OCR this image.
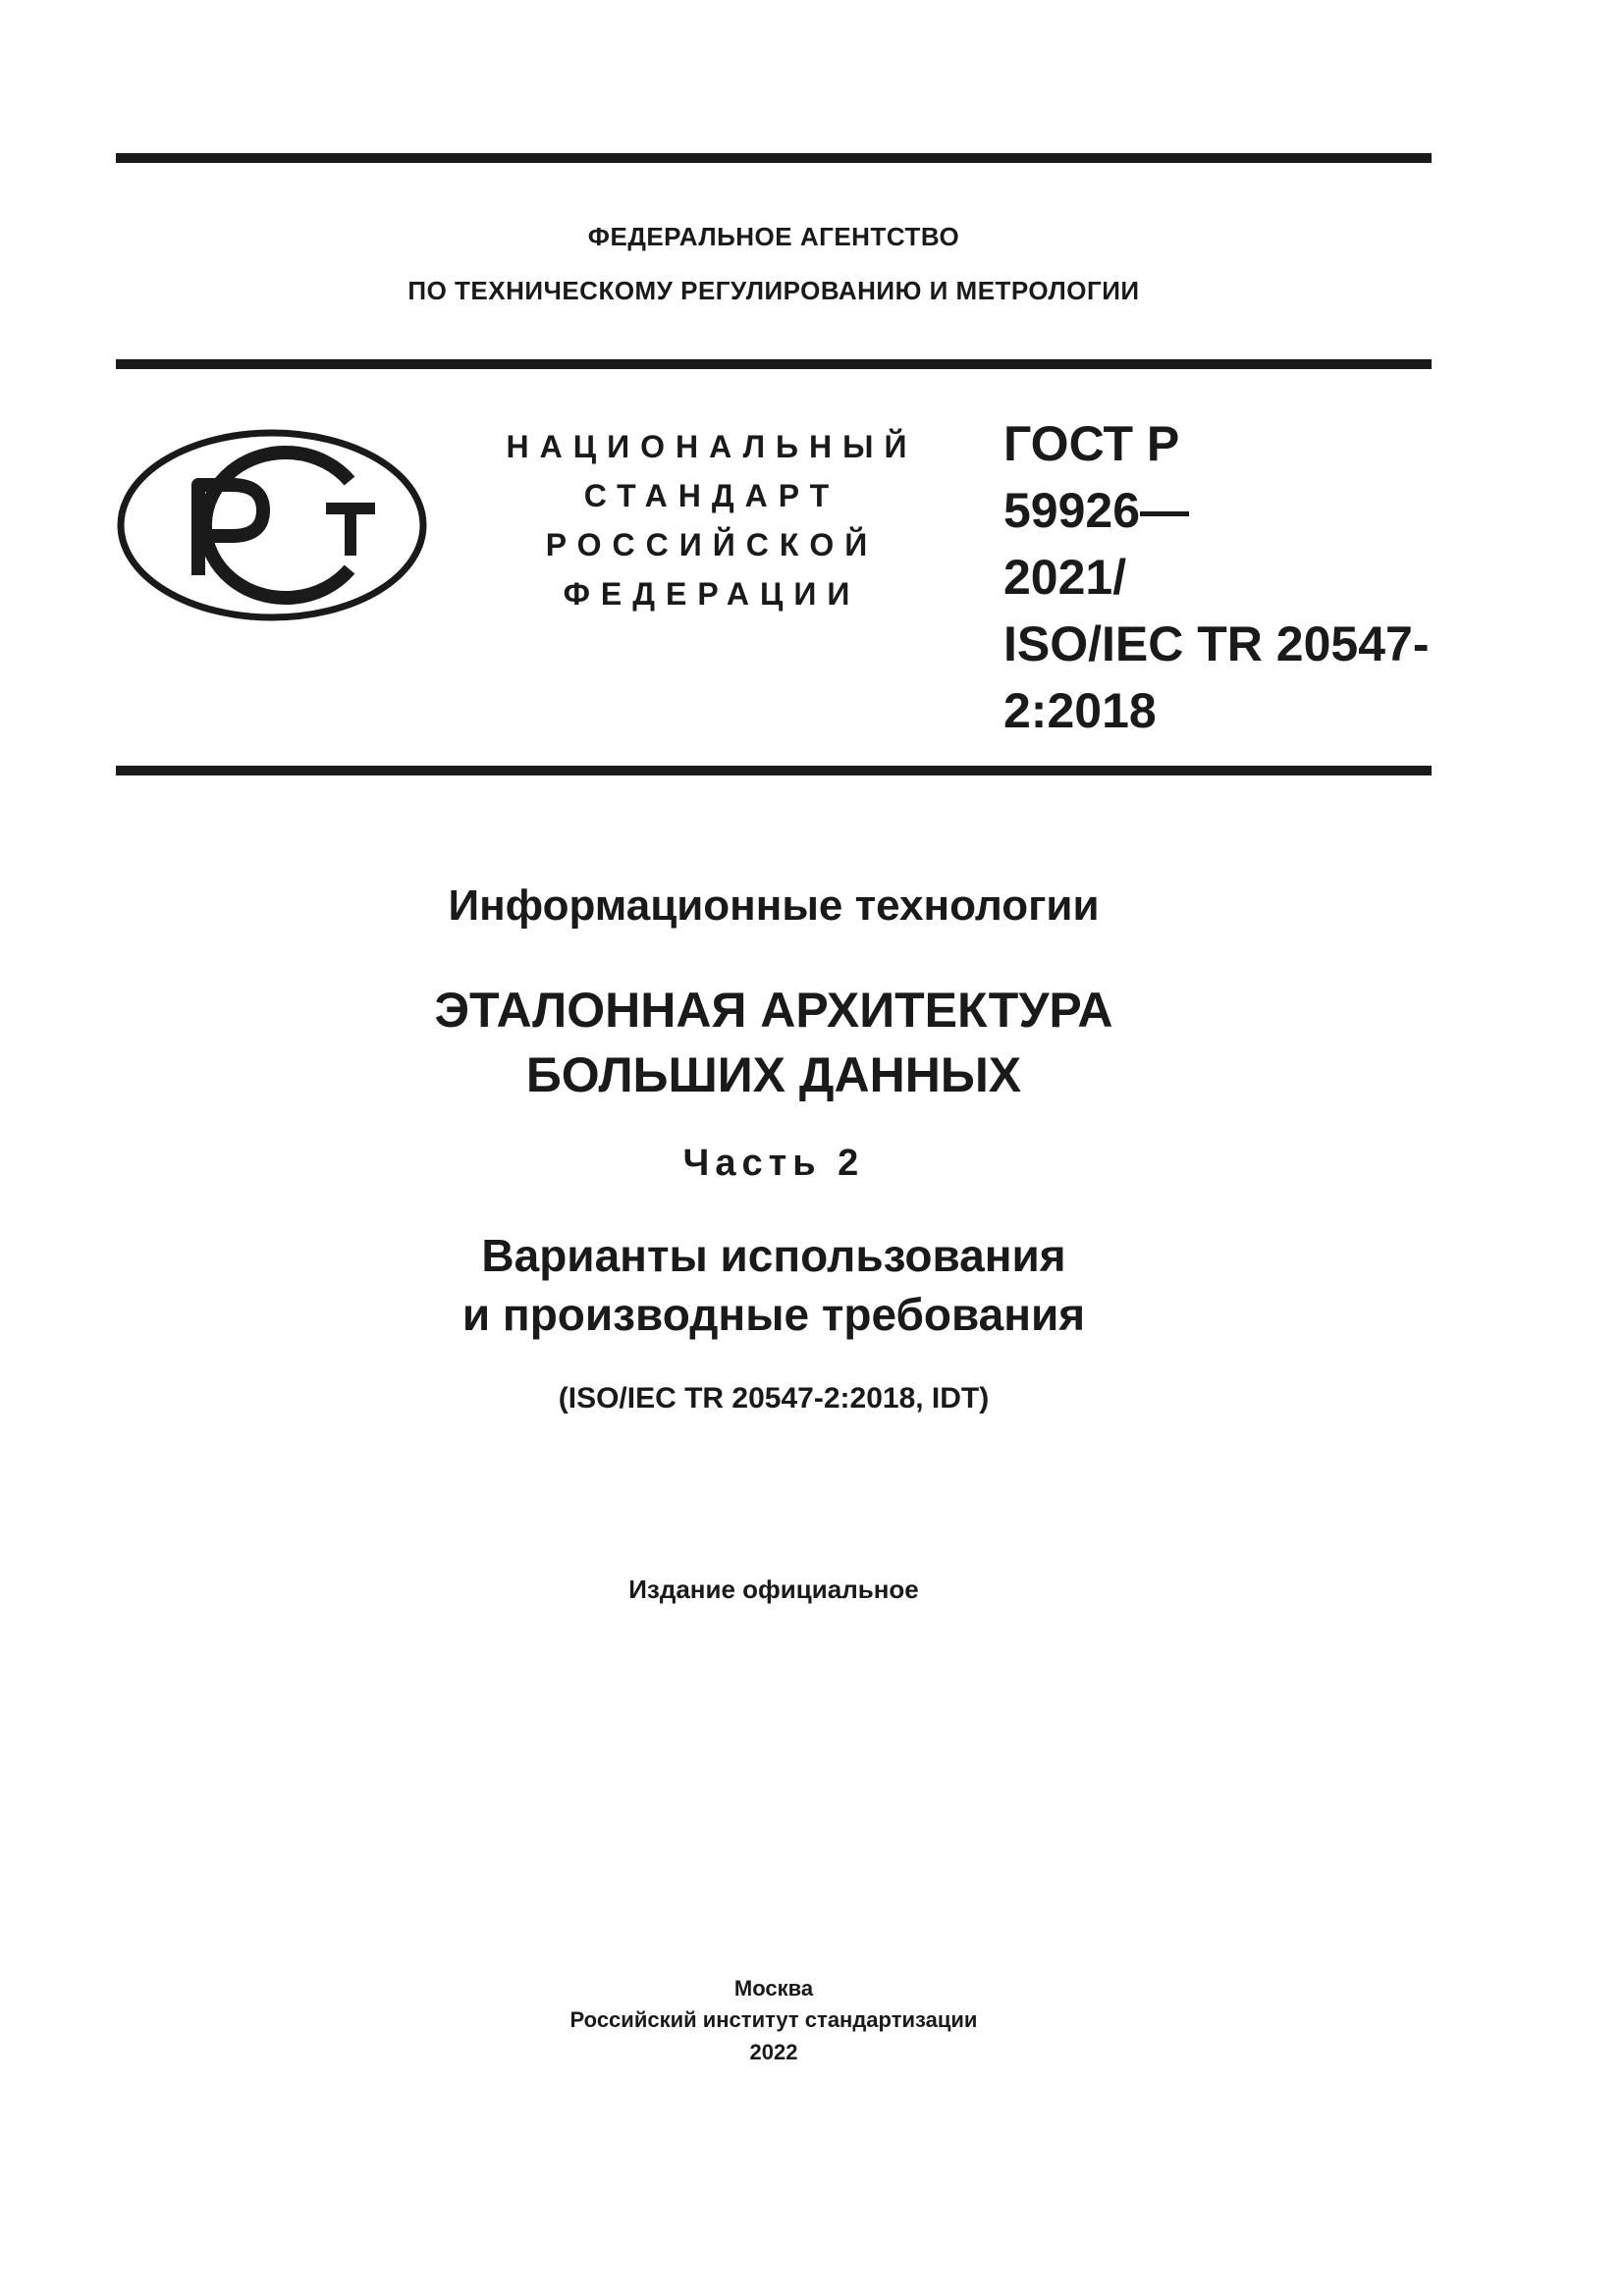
ФЕДЕРАЛЬНОЕ АГЕНТСТВО
ПО ТЕХНИЧЕСКОМУ РЕГУЛИРОВАНИЮ И МЕТРОЛОГИИ
НАЦИОНАЛЬНЫЙ
СТАНДАРТ
РОССИЙСКОЙ
ФЕДЕРАЦИИ
ГОСТ Р
59926—
2021/
ISO/IEC TR 20547-
2:2018
Информационные технологии
ЭТАЛОННАЯ АРХИТЕКТУРА
БОЛЬШИХ ДАННЫХ
Часть 2
Варианты использования
и производные требования
(ISO/IEC TR 20547-2:2018, IDT)
Издание официальное
Москва
Российский институт стандартизации
2022
